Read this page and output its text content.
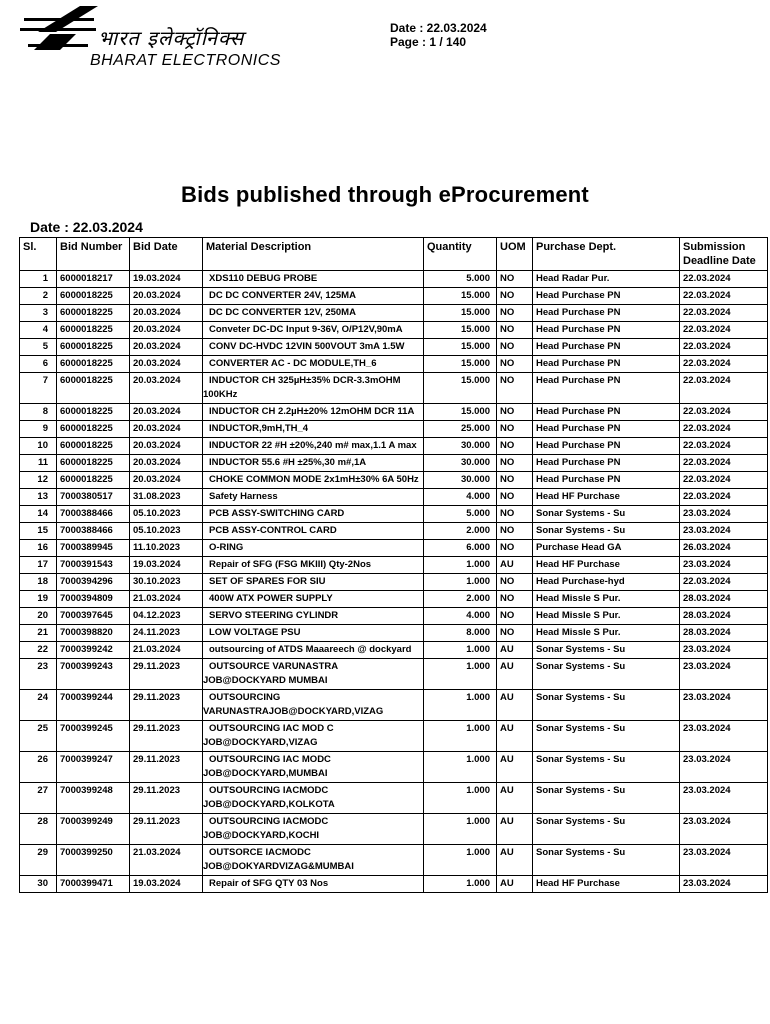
भारत इलेक्ट्रॉनिक्स
BHARAT ELECTRONICS
Date : 22.03.2024
Page : 1 / 140
Bids published through eProcurement
Date : 22.03.2024
Sl.	Bid Number	Bid Date	Material Description	Quantity	UOM	Purchase Dept.	Submission Deadline Date
1	6000018217	19.03.2024	XDS110 DEBUG PROBE	5.000	NO	Head Radar Pur.	22.03.2024
2	6000018225	20.03.2024	DC DC CONVERTER 24V, 125MA	15.000	NO	Head Purchase PN	22.03.2024
3	6000018225	20.03.2024	DC DC CONVERTER 12V, 250MA	15.000	NO	Head Purchase PN	22.03.2024
4	6000018225	20.03.2024	Conveter DC-DC Input 9-36V, O/P12V,90mA	15.000	NO	Head Purchase PN	22.03.2024
5	6000018225	20.03.2024	CONV DC-HVDC 12VIN 500VOUT 3mA 1.5W	15.000	NO	Head Purchase PN	22.03.2024
6	6000018225	20.03.2024	CONVERTER AC - DC MODULE,TH_6	15.000	NO	Head Purchase PN	22.03.2024
7	6000018225	20.03.2024	INDUCTOR CH 325µH±35% DCR-3.3mOHM 100KHz	15.000	NO	Head Purchase PN	22.03.2024
8	6000018225	20.03.2024	INDUCTOR CH 2.2µH±20% 12mOHM DCR 11A	15.000	NO	Head Purchase PN	22.03.2024
9	6000018225	20.03.2024	INDUCTOR,9mH,TH_4	25.000	NO	Head Purchase PN	22.03.2024
10	6000018225	20.03.2024	INDUCTOR 22 #H ±20%,240 m# max,1.1 A max	30.000	NO	Head Purchase PN	22.03.2024
11	6000018225	20.03.2024	INDUCTOR 55.6 #H ±25%,30 m#,1A	30.000	NO	Head Purchase PN	22.03.2024
12	6000018225	20.03.2024	CHOKE COMMON MODE 2x1mH±30% 6A 50Hz	30.000	NO	Head Purchase PN	22.03.2024
13	7000380517	31.08.2023	Safety Harness	4.000	NO	Head HF Purchase	22.03.2024
14	7000388466	05.10.2023	PCB ASSY-SWITCHING CARD	5.000	NO	Sonar Systems - Su	23.03.2024
15	7000388466	05.10.2023	PCB ASSY-CONTROL CARD	2.000	NO	Sonar Systems - Su	23.03.2024
16	7000389945	11.10.2023	O-RING	6.000	NO	Purchase Head GA	26.03.2024
17	7000391543	19.03.2024	Repair of SFG (FSG MKIII) Qty-2Nos	1.000	AU	Head HF Purchase	23.03.2024
18	7000394296	30.10.2023	SET OF SPARES FOR SIU	1.000	NO	Head Purchase-hyd	22.03.2024
19	7000394809	21.03.2024	400W ATX POWER SUPPLY	2.000	NO	Head Missle S Pur.	28.03.2024
20	7000397645	04.12.2023	SERVO STEERING CYLINDR	4.000	NO	Head Missle S Pur.	28.03.2024
21	7000398820	24.11.2023	LOW VOLTAGE PSU	8.000	NO	Head Missle S Pur.	28.03.2024
22	7000399242	21.03.2024	outsourcing of ATDS Maaareech @ dockyard	1.000	AU	Sonar Systems - Su	23.03.2024
23	7000399243	29.11.2023	OUTSOURCE VARUNASTRA JOB@DOCKYARD MUMBAI	1.000	AU	Sonar Systems - Su	23.03.2024
24	7000399244	29.11.2023	OUTSOURCING VARUNASTRAJOB@DOCKYARD,VIZAG	1.000	AU	Sonar Systems - Su	23.03.2024
25	7000399245	29.11.2023	OUTSOURCING IAC MOD C JOB@DOCKYARD,VIZAG	1.000	AU	Sonar Systems - Su	23.03.2024
26	7000399247	29.11.2023	OUTSOURCING IAC MODC JOB@DOCKYARD,MUMBAI	1.000	AU	Sonar Systems - Su	23.03.2024
27	7000399248	29.11.2023	OUTSOURCING IACMODC JOB@DOCKYARD,KOLKOTA	1.000	AU	Sonar Systems - Su	23.03.2024
28	7000399249	29.11.2023	OUTSOURCING IACMODC JOB@DOCKYARD,KOCHI	1.000	AU	Sonar Systems - Su	23.03.2024
29	7000399250	21.03.2024	OUTSORCE IACMODC JOB@DOKYARDVIZAG&MUMBAI	1.000	AU	Sonar Systems - Su	23.03.2024
30	7000399471	19.03.2024	Repair of SFG QTY 03 Nos	1.000	AU	Head HF Purchase	23.03.2024
